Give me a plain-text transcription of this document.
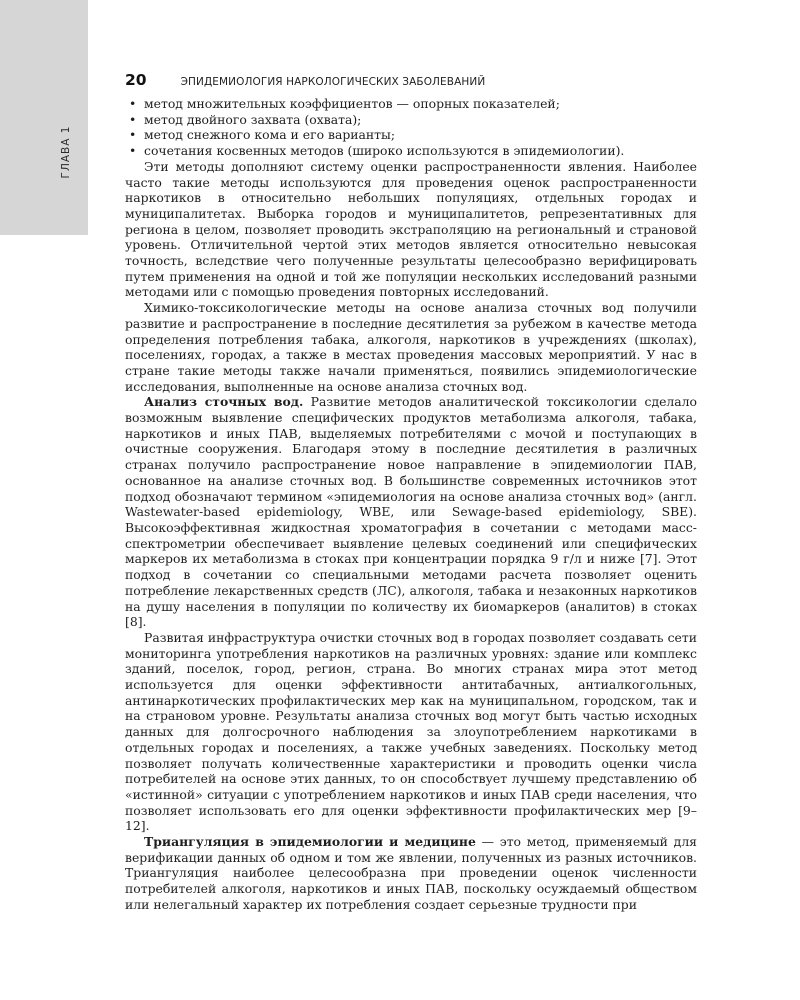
ГЛАВА 1
20	ЭПИДЕМИОЛОГИЯ НАРКОЛОГИЧЕСКИХ ЗАБОЛЕВАНИЙ
• метод множительных коэффициентов — опорных показателей;
• метод двойного захвата (охвата);
• метод снежного кома и его варианты;
• сочетания косвенных методов (широко используются в эпидемиологии).

Эти методы дополняют систему оценки распространенности явления. Наиболее часто такие методы используются для проведения оценок распространенности наркотиков в относительно небольших популяциях, отдельных городах и муниципалитетах. Выборка городов и муниципалитетов, репрезентативных для региона в целом, позволяет проводить экстраполяцию на региональный и страновой уровень. Отличительной чертой этих методов является относительно невысокая точность, вследствие чего полученные результаты целесообразно верифицировать путем применения на одной и той же популяции нескольких исследований разными методами или с помощью проведения повторных исследований.

Химико-токсикологические методы на основе анализа сточных вод получили развитие и распространение в последние десятилетия за рубежом в качестве метода определения потребления табака, алкоголя, наркотиков в учреждениях (школах), поселениях, городах, а также в местах проведения массовых мероприятий. У нас в стране такие методы также начали применяться, появились эпидемиологические исследования, выполненные на основе анализа сточных вод.

Анализ сточных вод. Развитие методов аналитической токсикологии сделало возможным выявление специфических продуктов метаболизма алкоголя, табака, наркотиков и иных ПАВ, выделяемых потребителями с мочой и поступающих в очистные сооружения. Благодаря этому в последние десятилетия в различных странах получило распространение новое направление в эпидемиологии ПАВ, основанное на анализе сточных вод. В большинстве современных источников этот подход обозначают термином «эпидемиология на основе анализа сточных вод» (англ. Wastewater-based epidemiology, WBE, или Sewage-based epidemiology, SBE). Высокоэффективная жидкостная хроматография в сочетании с методами масс-спектрометрии обеспечивает выявление целевых соединений или специфических маркеров их метаболизма в стоках при концентрации порядка 9 г/л и ниже [7]. Этот подход в сочетании со специальными методами расчета позволяет оценить потребление лекарственных средств (ЛС), алкоголя, табака и незаконных наркотиков на душу населения в популяции по количеству их биомаркеров (аналитов) в стоках [8].

Развитая инфраструктура очистки сточных вод в городах позволяет создавать сети мониторинга употребления наркотиков на различных уровнях: здание или комплекс зданий, поселок, город, регион, страна. Во многих странах мира этот метод используется для оценки эффективности антитабачных, антиалкогольных, антинаркотических профилактических мер как на муниципальном, городском, так и на страновом уровне. Результаты анализа сточных вод могут быть частью исходных данных для долгосрочного наблюдения за злоупотреблением наркотиками в отдельных городах и поселениях, а также учебных заведениях. Поскольку метод позволяет получать количественные характеристики и проводить оценки числа потребителей на основе этих данных, то он способствует лучшему представлению об «истинной» ситуации с употреблением наркотиков и иных ПАВ среди населения, что позволяет использовать его для оценки эффективности профилактических мер [9–12].

Триангуляция в эпидемиологии и медицине — это метод, применяемый для верификации данных об одном и том же явлении, полученных из разных источников. Триангуляция наиболее целесообразна при проведении оценок численности потребителей алкоголя, наркотиков и иных ПАВ, поскольку осуждаемый обществом или нелегальный характер их потребления создает серьезные трудности при
